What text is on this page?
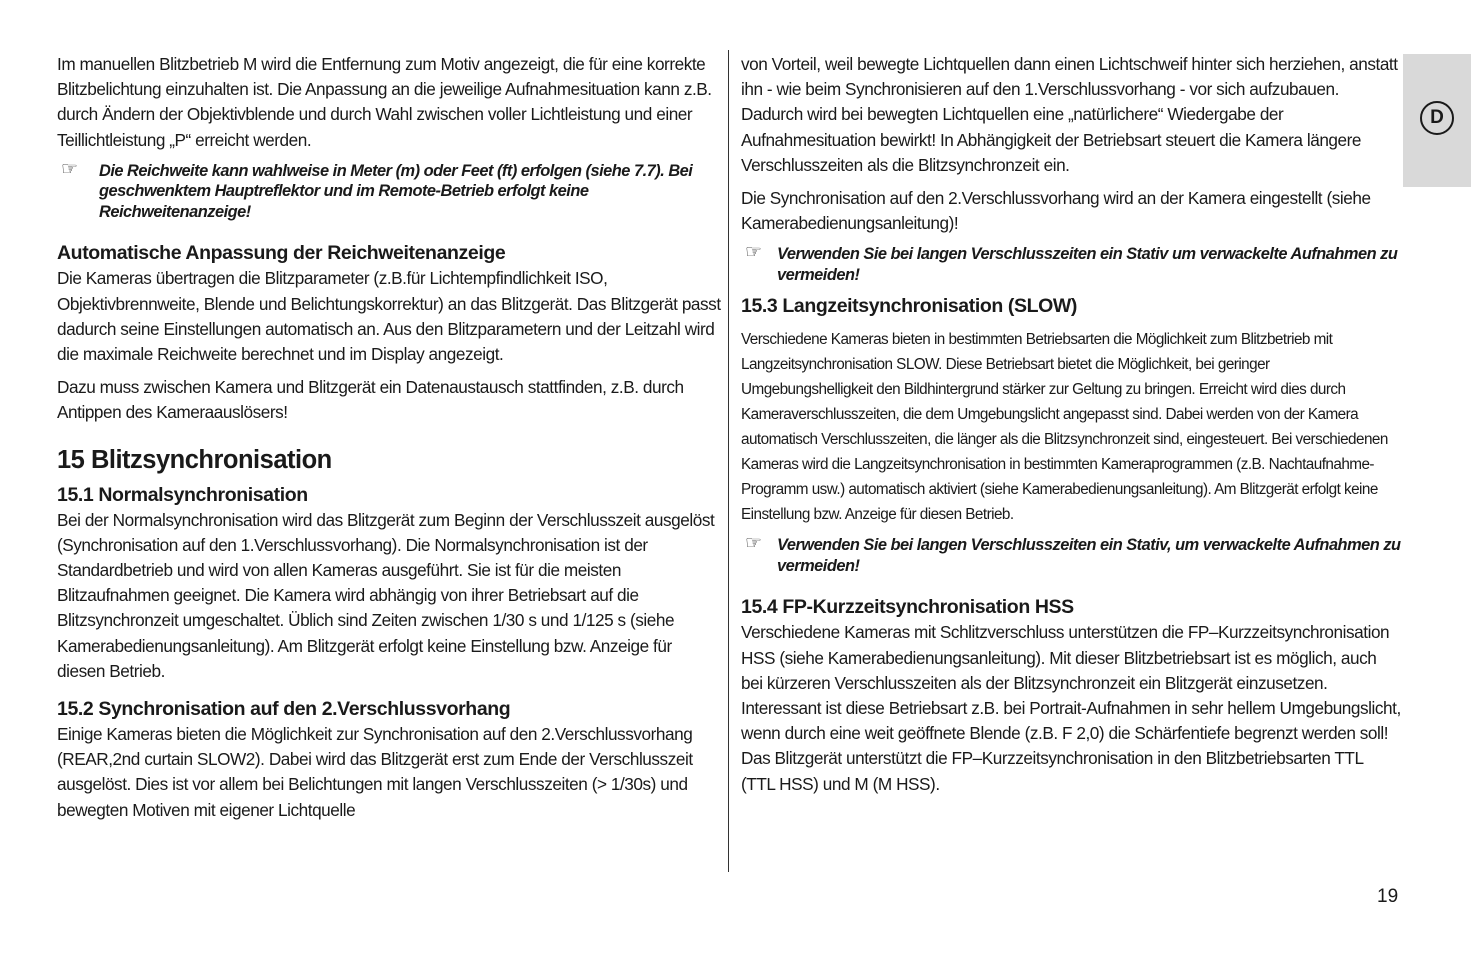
Im manuellen Blitzbetrieb M wird die Entfernung zum Motiv angezeigt, die für eine korrekte Blitzbelichtung einzuhalten ist. Die Anpassung an die jeweilige Aufnahmesituation kann z.B. durch Ändern der Objektivblende und durch Wahl zwischen voller Lichtleistung und einer Teillichtleistung „P“ erreicht werden.

☞ Die Reichweite kann wahlweise in Meter (m) oder Feet (ft) erfolgen (siehe 7.7). Bei geschwenktem Hauptreflektor und im Remote-Betrieb erfolgt keine Reichweitenanzeige!
Automatische Anpassung der Reichweitenanzeige

Die Kameras übertragen die Blitzparameter (z.B.für Lichtempfindlichkeit ISO, Objektivbrennweite, Blende und Belichtungskorrektur) an das Blitzgerät. Das Blitzgerät passt dadurch seine Einstellungen automatisch an. Aus den Blitzparametern und der Leitzahl wird die maximale Reichweite berechnet und im Display angezeigt.

Dazu muss zwischen Kamera und Blitzgerät ein Datenaustausch stattfinden, z.B. durch Antippen des Kameraauslösers!

15 Blitzsynchronisation
15.1 Normalsynchronisation

Bei der Normalsynchronisation wird das Blitzgerät zum Beginn der Verschlusszeit ausgelöst (Synchronisation auf den 1.Verschlussvorhang). Die Normalsynchronisation ist der Standardbetrieb und wird von allen Kameras ausgeführt. Sie ist für die meisten Blitzaufnahmen geeignet. Die Kamera wird abhängig von ihrer Betriebsart auf die Blitzsynchronzeit umgeschaltet. Üblich sind Zeiten zwischen 1/30 s und 1/125 s (siehe Kamerabedienungsanleitung). Am Blitzgerät erfolgt keine Einstellung bzw. Anzeige für diesen Betrieb.

15.2 Synchronisation auf den 2.Verschlussvorhang

Einige Kameras bieten die Möglichkeit zur Synchronisation auf den 2.Verschlussvorhang (REAR,2nd curtain SLOW2). Dabei wird das Blitzgerät erst zum Ende der Verschlusszeit ausgelöst. Dies ist vor allem bei Belichtungen mit langen Verschlusszeiten (> 1/30s) und bewegten Motiven mit eigener Lichtquelle

von Vorteil, weil bewegte Lichtquellen dann einen Lichtschweif hinter sich herziehen, anstatt ihn - wie beim Synchronisieren auf den 1.Verschlussvorhang - vor sich aufzubauen. Dadurch wird bei bewegten Lichtquellen eine „natürlichere“ Wiedergabe der Aufnahmesituation bewirkt! In Abhängigkeit der Betriebsart steuert die Kamera längere Verschlusszeiten als die Blitzsynchronzeit ein.

Die Synchronisation auf den 2.Verschlussvorhang wird an der Kamera eingestellt (siehe Kamerabedienungsanleitung)!

☞ Verwenden Sie bei langen Verschlusszeiten ein Stativ um verwackelte Aufnahmen zu vermeiden!
15.3 Langzeitsynchronisation (SLOW)

Verschiedene Kameras bieten in bestimmten Betriebsarten die Möglichkeit zum Blitzbetrieb mit Langzeitsynchronisation SLOW. Diese Betriebsart bietet die Möglichkeit, bei geringer Umgebungshelligkeit den Bildhintergrund stärker zur Geltung zu bringen. Erreicht wird dies durch Kameraverschlusszeiten, die dem Umgebungslicht angepasst sind. Dabei werden von der Kamera automatisch Verschlusszeiten, die länger als die Blitzsynchronzeit sind, eingesteuert. Bei verschiedenen Kameras wird die Langzeitsynchronisation in bestimmten Kameraprogrammen (z.B. Nachtaufnahme-Programm usw.) automatisch aktiviert (siehe Kamerabedienungsanleitung). Am Blitzgerät erfolgt keine Einstellung bzw. Anzeige für diesen Betrieb.

☞ Verwenden Sie bei langen Verschlusszeiten ein Stativ, um verwackelte Aufnahmen zu vermeiden!
15.4 FP-Kurzzeitsynchronisation HSS

Verschiedene Kameras mit Schlitzverschluss unterstützen die FP–Kurzzeitsynchronisation HSS (siehe Kamerabedienungsanleitung). Mit dieser Blitzbetriebsart ist es möglich, auch bei kürzeren Verschlusszeiten als der Blitzsynchronzeit ein Blitzgerät einzusetzen. Interessant ist diese Betriebsart z.B. bei Portrait-Aufnahmen in sehr hellem Umgebungslicht, wenn durch eine weit geöffnete Blende (z.B. F 2,0) die Schärfentiefe begrenzt werden soll! Das Blitzgerät unterstützt die FP–Kurzzeitsynchronisation in den Blitzbetriebsarten TTL (TTL HSS) und M (M HSS).

D
19
